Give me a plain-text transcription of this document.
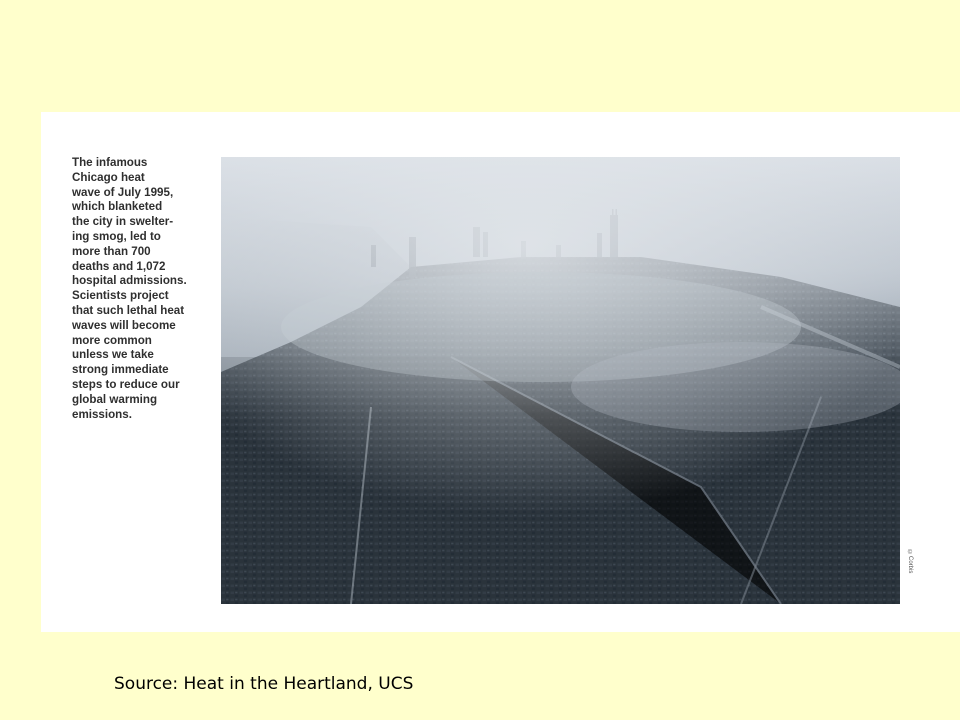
The infamous
Chicago heat
wave of July 1995,
which blanketed
the city in swelter-
ing smog, led to
more than 700
deaths and 1,072
hospital admissions.
Scientists project
that such lethal heat
waves will become
more common
unless we take
strong immediate
steps to reduce our
global warming
emissions.

©Corbis

Source: Heat in the Heartland, UCS
